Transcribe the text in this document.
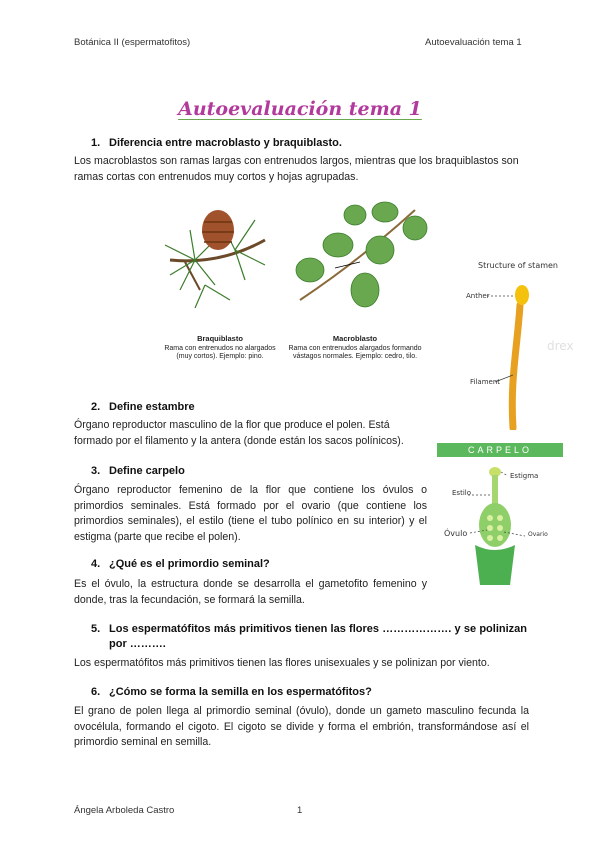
Botánica II (espermatofitos)	Autoevaluación tema 1
Autoevaluación tema 1
1. Diferencia entre macroblasto y braquiblasto.
Los macroblastos son ramas largas con entrenudos largos, mientras que los braquiblastos son ramas cortas con entrenudos muy cortos y hojas agrupadas.
Braquiblasto
Rama con entrenudos no alargados (muy cortos). Ejemplo: pino.
Macroblasto
Rama con entrenudos alargados formando vástagos normales. Ejemplo: cedro, tilo.
Structure of stamen
drex
Anther
Filament
2. Define estambre
Órgano reproductor masculino de la flor que produce el polen. Está formado por el filamento y la antera (donde están los sacos polínicos).
CARPELO
Estigma
Estilo
Óvulo	Ovario
3. Define carpelo
Órgano reproductor femenino de la flor que contiene los óvulos o primordios seminales. Está formado por el ovario (que contiene los primordios seminales), el estilo (tiene el tubo polínico en su interior) y el estigma (parte que recibe el polen).
4. ¿Qué es el primordio seminal?
Es el óvulo, la estructura donde se desarrolla el gametofito femenino y donde, tras la fecundación, se formará la semilla.
5. Los espermatófitos más primitivos tienen las flores ………………. y se polinizan por ……….
Los espermatófitos más primitivos tienen las flores unisexuales y se polinizan por viento.
6. ¿Cómo se forma la semilla en los espermatófitos?
El grano de polen llega al primordio seminal (óvulo), donde un gameto masculino fecunda la ovocélula, formando el cigoto. El cigoto se divide y forma el embrión, transformándose así el primordio seminal en semilla.
Ángela Arboleda Castro	1
